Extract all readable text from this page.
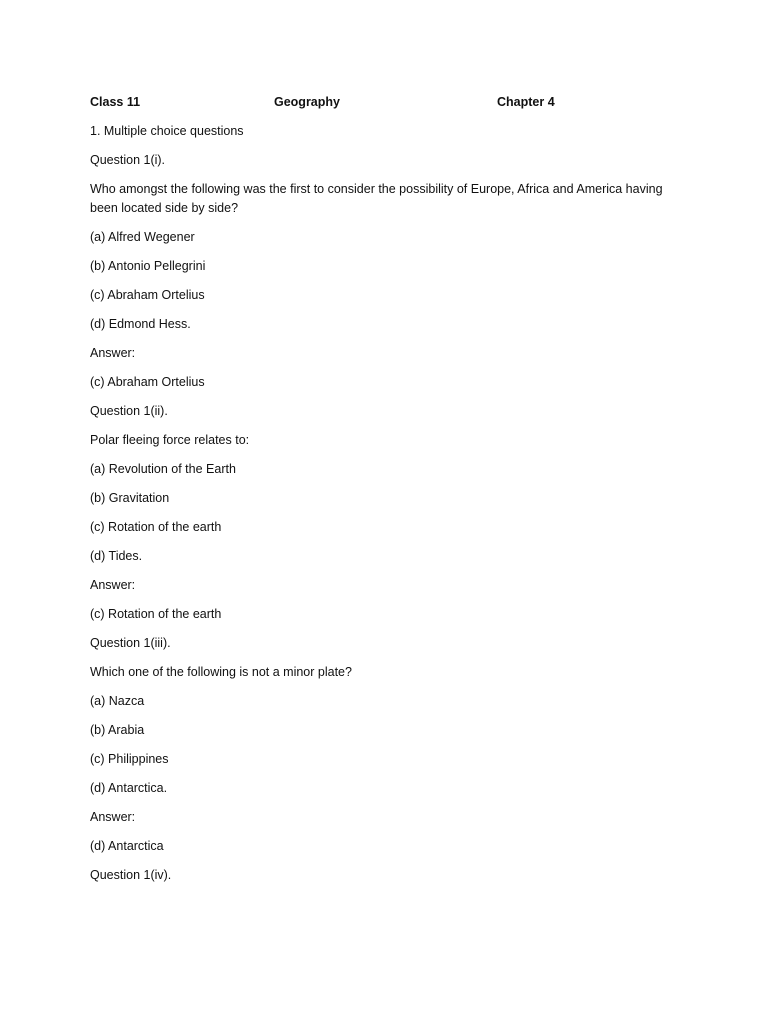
Class 11	Geography	Chapter 4

1. Multiple choice questions

Question 1(i).

Who amongst the following was the first to consider the possibility of Europe, Africa and America having been located side by side?

(a) Alfred Wegener

(b) Antonio Pellegrini

(c) Abraham Ortelius

(d) Edmond Hess.

Answer:

(c) Abraham Ortelius

Question 1(ii).

Polar fleeing force relates to:

(a) Revolution of the Earth

(b) Gravitation

(c) Rotation of the earth

(d) Tides.

Answer:

(c) Rotation of the earth

Question 1(iii).

Which one of the following is not a minor plate?

(a) Nazca

(b) Arabia

(c) Philippines

(d) Antarctica.

Answer:

(d) Antarctica

Question 1(iv).
